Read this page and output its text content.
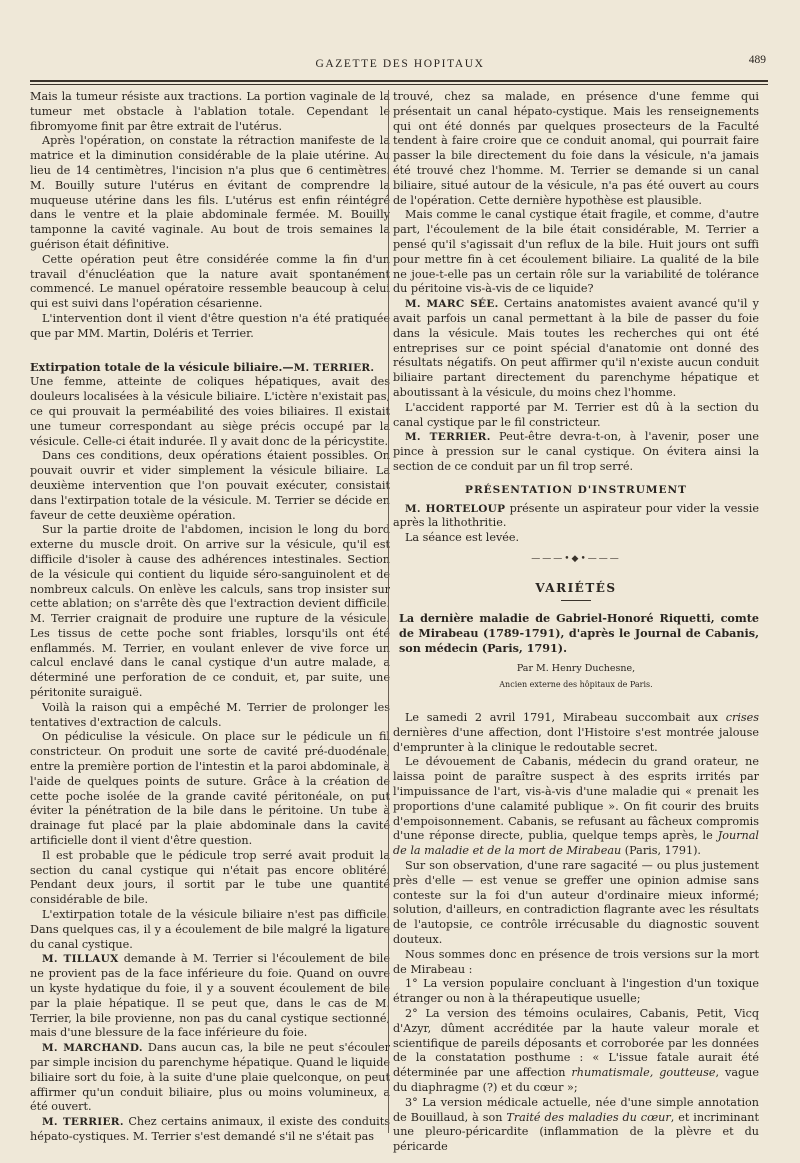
GAZETTE DES HOPITAUX	489

Mais la tumeur résiste aux tractions. La portion vaginale de la tumeur met obstacle à l'ablation totale. Cependant le fibromyome finit par être extrait de l'utérus.

Après l'opération, on constate la rétraction manifeste de la matrice et la diminution considérable de la plaie utérine. Au lieu de 14 centimètres, l'incision n'a plus que 6 centimètres. M. Bouilly suture l'utérus en évitant de comprendre la muqueuse utérine dans les fils. L'utérus est enfin réintégré dans le ventre et la plaie abdominale fermée. M. Bouilly tamponne la cavité vaginale. Au bout de trois semaines la guérison était définitive.

Cette opération peut être considérée comme la fin d'un travail d'énucléation que la nature avait spontanément commencé. Le manuel opératoire ressemble beaucoup à celui qui est suivi dans l'opération césarienne.

L'intervention dont il vient d'être question n'a été pratiquée que par MM. Martin, Doléris et Terrier.

Extirpation totale de la vésicule biliaire.—M. TERRIER.

Une femme, atteinte de coliques hépatiques, avait des douleurs localisées à la vésicule biliaire. L'ictère n'existait pas, ce qui prouvait la perméabilité des voies biliaires. Il existait une tumeur correspondant au siège précis occupé par la vésicule. Celle-ci était indurée. Il y avait donc de la péricystite.

Dans ces conditions, deux opérations étaient possibles. On pouvait ouvrir et vider simplement la vésicule biliaire. La deuxième intervention que l'on pouvait exécuter, consistait dans l'extirpation totale de la vésicule. M. Terrier se décide en faveur de cette deuxième opération.

Sur la partie droite de l'abdomen, incision le long du bord externe du muscle droit. On arrive sur la vésicule, qu'il est difficile d'isoler à cause des adhérences intestinales. Section de la vésicule qui contient du liquide séro-sanguinolent et de nombreux calculs. On enlève les calculs, sans trop insister sur cette ablation; on s'arrête dès que l'extraction devient difficile. M. Terrier craignait de produire une rupture de la vésicule. Les tissus de cette poche sont friables, lorsqu'ils ont été enflammés. M. Terrier, en voulant enlever de vive force un calcul enclavé dans le canal cystique d'un autre malade, a déterminé une perforation de ce conduit, et, par suite, une péritonite suraiguë.

Voilà la raison qui a empêché M. Terrier de prolonger les tentatives d'extraction de calculs.

On pédiculise la vésicule. On place sur le pédicule un fil constricteur. On produit une sorte de cavité pré-duodénale, entre la première portion de l'intestin et la paroi abdominale, à l'aide de quelques points de suture. Grâce à la création de cette poche isolée de la grande cavité péritonéale, on put éviter la pénétration de la bile dans le péritoine. Un tube à drainage fut placé par la plaie abdominale dans la cavité artificielle dont il vient d'être question.

Il est probable que le pédicule trop serré avait produit la section du canal cystique qui n'était pas encore oblitéré. Pendant deux jours, il sortit par le tube une quantité considérable de bile.

L'extirpation totale de la vésicule biliaire n'est pas difficile. Dans quelques cas, il y a écoulement de bile malgré la ligature du canal cystique.

M. TILLAUX demande à M. Terrier si l'écoulement de bile ne provient pas de la face inférieure du foie. Quand on ouvre un kyste hydatique du foie, il y a souvent écoulement de bile par la plaie hépatique. Il se peut que, dans le cas de M. Terrier, la bile provienne, non pas du canal cystique sectionné, mais d'une blessure de la face inférieure du foie.

M. MARCHAND. Dans aucun cas, la bile ne peut s'écouler par simple incision du parenchyme hépatique. Quand le liquide biliaire sort du foie, à la suite d'une plaie quelconque, on peut affirmer qu'un conduit biliaire, plus ou moins volumineux, a été ouvert.

M. TERRIER. Chez certains animaux, il existe des conduits hépato-cystiques. M. Terrier s'est demandé s'il ne s'était pas

trouvé, chez sa malade, en présence d'une femme qui présentait un canal hépato-cystique. Mais les renseignements qui ont été donnés par quelques prosecteurs de la Faculté tendent à faire croire que ce conduit anomal, qui pourrait faire passer la bile directement du foie dans la vésicule, n'a jamais été trouvé chez l'homme. M. Terrier se demande si un canal biliaire, situé autour de la vésicule, n'a pas été ouvert au cours de l'opération. Cette dernière hypothèse est plausible.

Mais comme le canal cystique était fragile, et comme, d'autre part, l'écoulement de la bile était considérable, M. Terrier a pensé qu'il s'agissait d'un reflux de la bile. Huit jours ont suffi pour mettre fin à cet écoulement biliaire. La qualité de la bile ne joue-t-elle pas un certain rôle sur la variabilité de tolérance du péritoine vis-à-vis de ce liquide?

M. MARC SÉE. Certains anatomistes avaient avancé qu'il y avait parfois un canal permettant à la bile de passer du foie dans la vésicule. Mais toutes les recherches qui ont été entreprises sur ce point spécial d'anatomie ont donné des résultats négatifs. On peut affirmer qu'il n'existe aucun conduit biliaire partant directement du parenchyme hépatique et aboutissant à la vésicule, du moins chez l'homme.

L'accident rapporté par M. Terrier est dû à la section du canal cystique par le fil constricteur.

M. TERRIER. Peut-être devra-t-on, à l'avenir, poser une pince à pression sur le canal cystique. On évitera ainsi la section de ce conduit par un fil trop serré.

PRÉSENTATION D'INSTRUMENT

M. HORTELOUP présente un aspirateur pour vider la vessie après la lithothritie.

La séance est levée.

———•◆•———
VARIÉTÉS

La dernière maladie de Gabriel-Honoré Riquetti, comte de Mirabeau (1789-1791), d'après le Journal de Cabanis, son médecin (Paris, 1791).

Par M. Henry Duchesne,

Ancien externe des hôpitaux de Paris.

Le samedi 2 avril 1791, Mirabeau succombait aux crises dernières d'une affection, dont l'Histoire s'est montrée jalouse d'emprunter à la clinique le redoutable secret.

Le dévouement de Cabanis, médecin du grand orateur, ne laissa point de paraître suspect à des esprits irrités par l'impuissance de l'art, vis-à-vis d'une maladie qui « prenait les proportions d'une calamité publique ». On fit courir des bruits d'empoisonnement. Cabanis, se refusant au fâcheux compromis d'une réponse directe, publia, quelque temps après, le Journal de la maladie et de la mort de Mirabeau (Paris, 1791).

Sur son observation, d'une rare sagacité — ou plus justement près d'elle — est venue se greffer une opinion admise sans conteste sur la foi d'un auteur d'ordinaire mieux informé; solution, d'ailleurs, en contradiction flagrante avec les résultats de l'autopsie, ce contrôle irrécusable du diagnostic souvent douteux.

Nous sommes donc en présence de trois versions sur la mort de Mirabeau :

1° La version populaire concluant à l'ingestion d'un toxique étranger ou non à la thérapeutique usuelle;

2° La version des témoins oculaires, Cabanis, Petit, Vicq d'Azyr, dûment accréditée par la haute valeur morale et scientifique de pareils déposants et corroborée par les données de la constatation posthume : « L'issue fatale aurait été déterminée par une affection rhumatismale, goutteuse, vague du diaphragme (?) et du cœur »;

3° La version médicale actuelle, née d'une simple annotation de Bouillaud, à son Traité des maladies du cœur, et incriminant une pleuro-péricardite (inflammation de la plèvre et du péricarde
